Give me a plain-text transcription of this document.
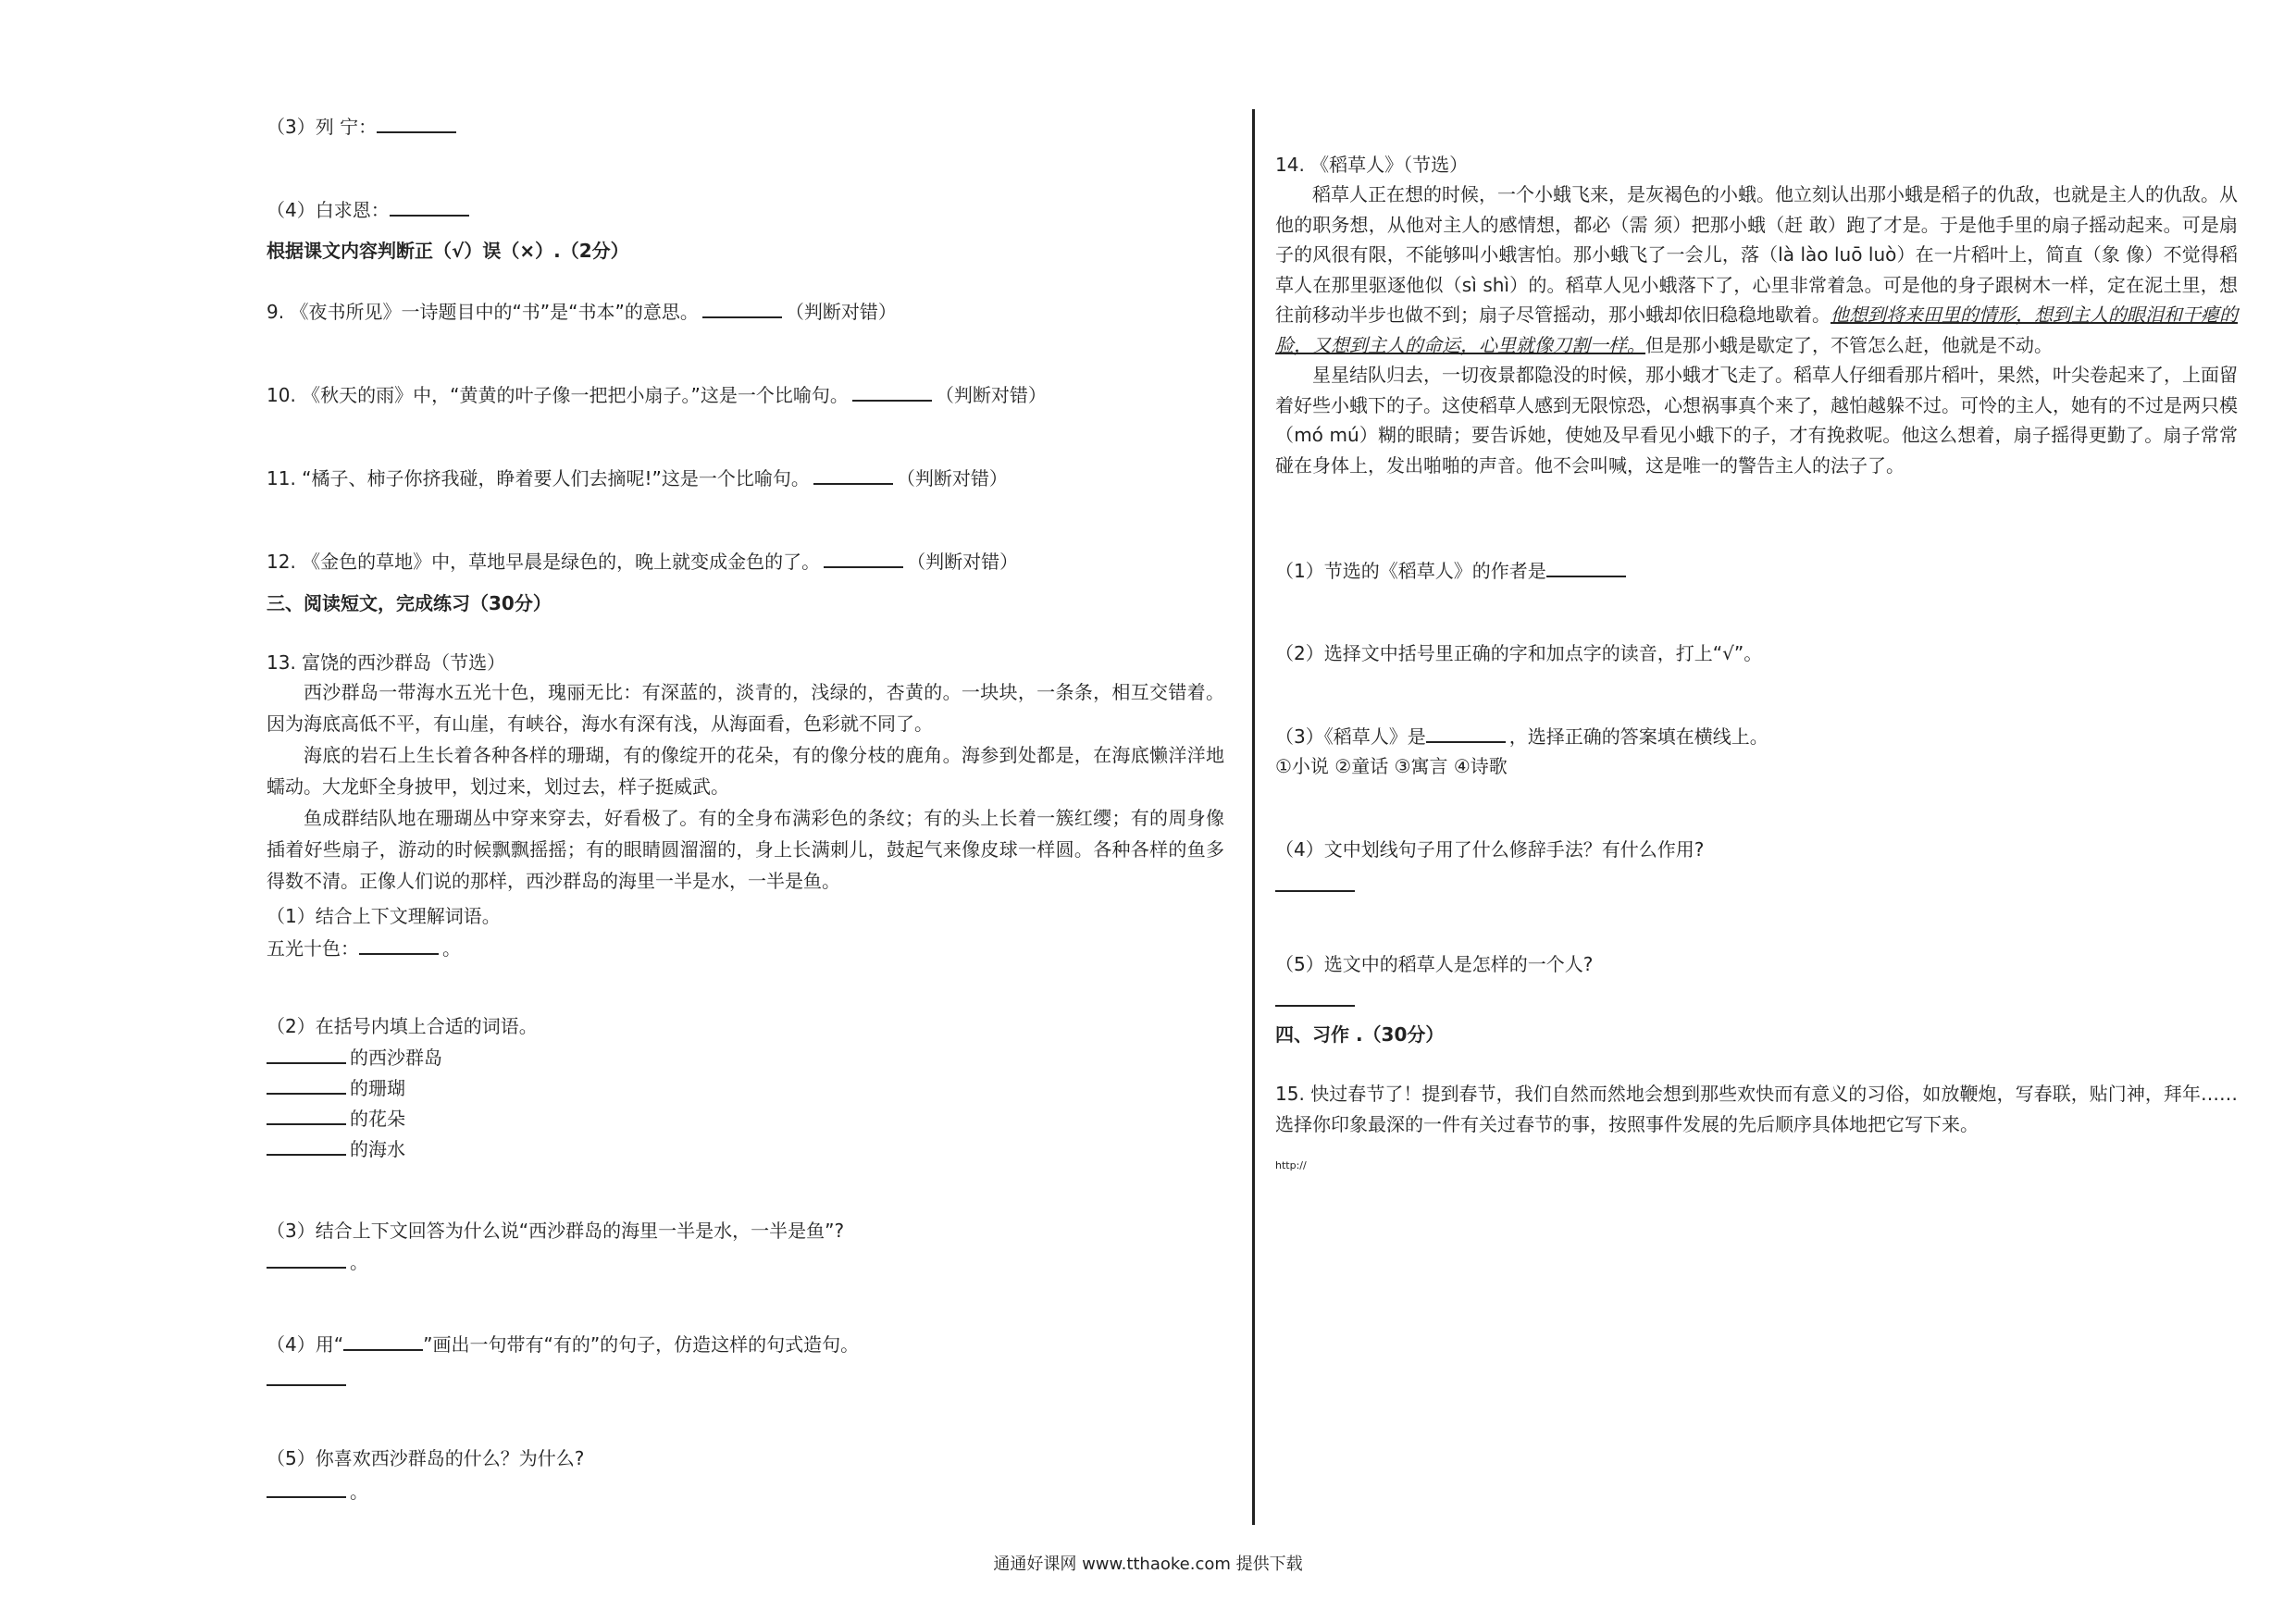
（3）列 宁：
（4）白求恩：
根据课文内容判断正（√）误（×）.（2分）
9. 《夜书所见》一诗题目中的“书”是“书本”的意思。	（判断对错）
10. 《秋天的雨》中，“黄黄的叶子像一把把小扇子。”这是一个比喻句。	（判断对错）
11. “橘子、柿子你挤我碰，睁着要人们去摘呢!”这是一个比喻句。	（判断对错）
12. 《金色的草地》中，草地早晨是绿色的，晚上就变成金色的了。	（判断对错）
三、阅读短文，完成练习（30分）
13. 富饶的西沙群岛（节选）

西沙群岛一带海水五光十色，瑰丽无比：有深蓝的，淡青的，浅绿的，杏黄的。一块块，一条条，相互交错着。因为海底高低不平，有山崖，有峡谷，海水有深有浅，从海面看，色彩就不同了。

海底的岩石上生长着各种各样的珊瑚，有的像绽开的花朵，有的像分枝的鹿角。海参到处都是，在海底懒洋洋地蠕动。大龙虾全身披甲，划过来，划过去，样子挺威武。

鱼成群结队地在珊瑚丛中穿来穿去，好看极了。有的全身布满彩色的条纹；有的头上长着一簇红缨；有的周身像插着好些扇子，游动的时候飘飘摇摇；有的眼睛圆溜溜的，身上长满刺儿，鼓起气来像皮球一样圆。各种各样的鱼多得数不清。正像人们说的那样，西沙群岛的海里一半是水，一半是鱼。

（1）结合上下文理解词语。
五光十色：	。
（2）在括号内填上合适的词语。
的西沙群岛
的珊瑚
的花朵
的海水
（3）结合上下文回答为什么说“西沙群岛的海里一半是水，一半是鱼”?
。
（4）用“	”画出一句带有“有的”的句子，仿造这样的句式造句。
（5）你喜欢西沙群岛的什么？为什么?
。
14. 《稻草人》（节选）

稻草人正在想的时候，一个小蛾飞来，是灰褐色的小蛾。他立刻认出那小蛾是稻子的仇敌，也就是主人的仇敌。从他的职务想，从他对主人的感情想，都必（需 须）把那小蛾（赶 敢）跑了才是。于是他手里的扇子摇动起来。可是扇子的风很有限，不能够叫小蛾害怕。那小蛾飞了一会儿，落（là lào luō luò）在一片稻叶上，简直（象 像）不觉得稻草人在那里驱逐他似（sì shì）的。稻草人见小蛾落下了，心里非常着急。可是他的身子跟树木一样，定在泥土里，想往前移动半步也做不到；扇子尽管摇动，那小蛾却依旧稳稳地歇着。他想到将来田里的情形，想到主人的眼泪和干瘪的脸，又想到主人的命运，心里就像刀割一样。但是那小蛾是歇定了，不管怎么赶，他就是不动。

星星结队归去，一切夜景都隐没的时候，那小蛾才飞走了。稻草人仔细看那片稻叶，果然，叶尖卷起来了，上面留着好些小蛾下的子。这使稻草人感到无限惊恐，心想祸事真个来了，越怕越躲不过。可怜的主人，她有的不过是两只模（mó mú）糊的眼睛；要告诉她，使她及早看见小蛾下的子，才有挽救呢。他这么想着，扇子摇得更勤了。扇子常常碰在身体上，发出啪啪的声音。他不会叫喊，这是唯一的警告主人的法子了。

（1）节选的《稻草人》的作者是
（2）选择文中括号里正确的字和加点字的读音，打上“√”。
（3）《稻草人》是	，选择正确的答案填在横线上。
①小说 ②童话 ③寓言 ④诗歌
（4）文中划线句子用了什么修辞手法？有什么作用?
（5）选文中的稻草人是怎样的一个人?
四、习作 .（30分）

15. 快过春节了！提到春节，我们自然而然地会想到那些欢快而有意义的习俗，如放鞭炮，写春联，贴门神，拜年……选择你印象最深的一件有关过春节的事，按照事件发展的先后顺序具体地把它写下来。

http://
通通好课网 www.tthaoke.com 提供下载
